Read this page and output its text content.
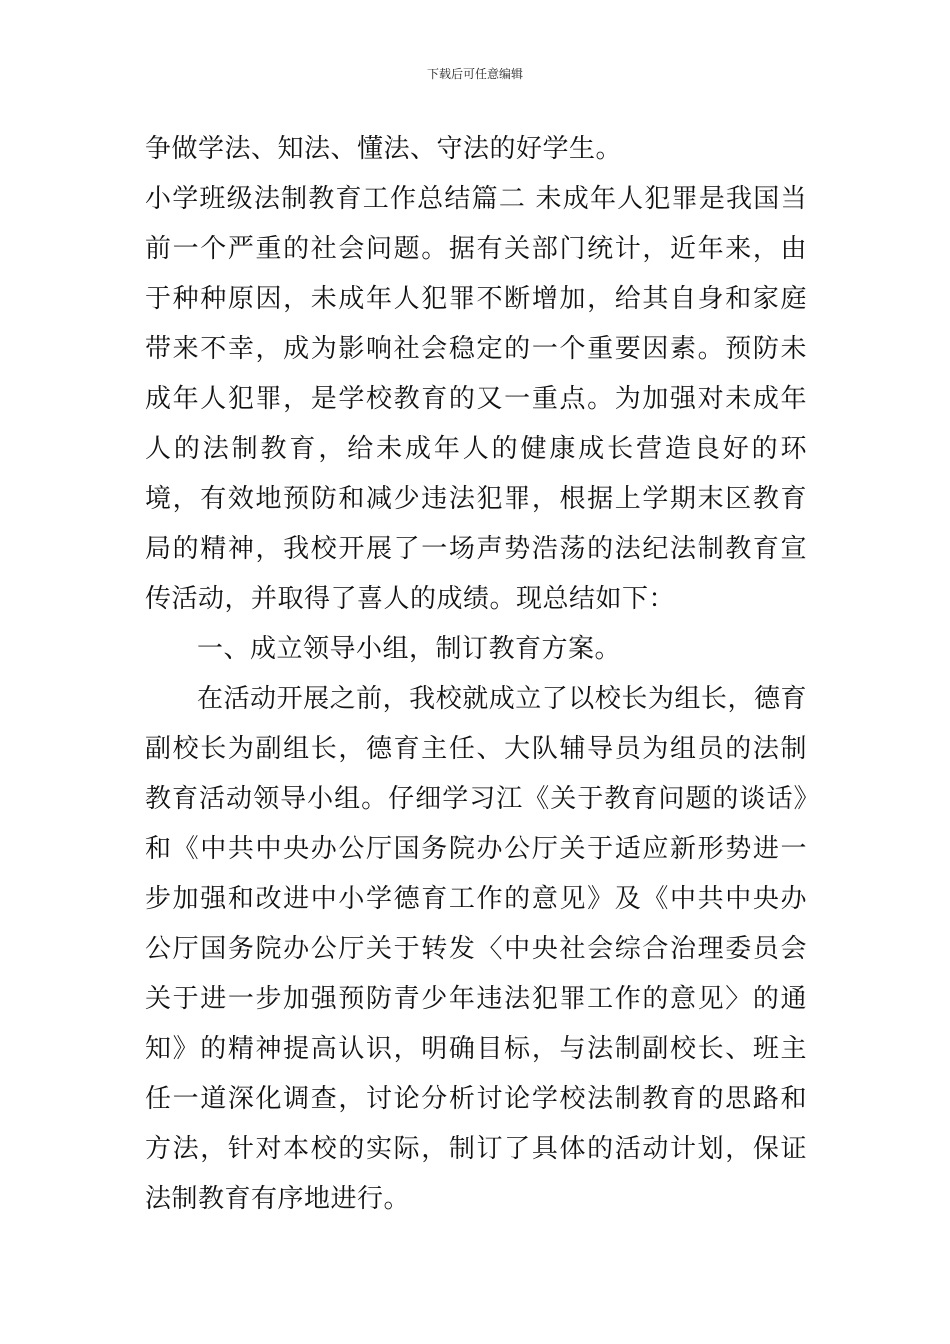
下载后可任意编辑

争做学法、知法、懂法、守法的好学生。

小学班级法制教育工作总结篇二 未成年人犯罪是我国当前一个严重的社会问题。据有关部门统计，近年来，由于种种原因，未成年人犯罪不断增加，给其自身和家庭带来不幸，成为影响社会稳定的一个重要因素。预防未成年人犯罪，是学校教育的又一重点。为加强对未成年人的法制教育，给未成年人的健康成长营造良好的环境，有效地预防和减少违法犯罪，根据上学期末区教育局的精神，我校开展了一场声势浩荡的法纪法制教育宣传活动，并取得了喜人的成绩。现总结如下：

一、成立领导小组，制订教育方案。

在活动开展之前，我校就成立了以校长为组长，德育副校长为副组长，德育主任、大队辅导员为组员的法制教育活动领导小组。仔细学习江《关于教育问题的谈话》和《中共中央办公厅国务院办公厅关于适应新形势进一步加强和改进中小学德育工作的意见》及《中共中央办公厅国务院办公厅关于转发〈中央社会综合治理委员会关于进一步加强预防青少年违法犯罪工作的意见〉的通知》的精神提高认识，明确目标，与法制副校长、班主任一道深化调查，讨论分析讨论学校法制教育的思路和方法，针对本校的实际，制订了具体的活动计划，保证法制教育有序地进行。
